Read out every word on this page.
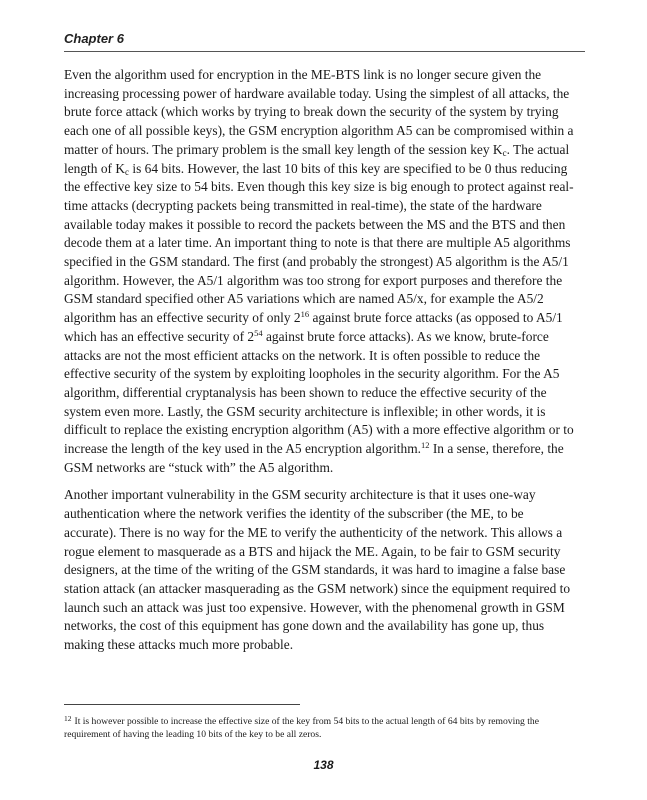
Chapter 6

Even the algorithm used for encryption in the ME-BTS link is no longer secure given the increasing processing power of hardware available today. Using the simplest of all attacks, the brute force attack (which works by trying to break down the security of the system by trying each one of all possible keys), the GSM encryption algorithm A5 can be compromised within a matter of hours. The primary problem is the small key length of the session key $K_c$. The actual length of $K_c$ is 64 bits. However, the last 10 bits of this key are specified to be 0 thus reducing the effective key size to 54 bits. Even though this key size is big enough to protect against real-time attacks (decrypting packets being transmitted in real-time), the state of the hardware available today makes it possible to record the packets between the MS and the BTS and then decode them at a later time. An important thing to note is that there are multiple A5 algorithms specified in the GSM standard. The first (and probably the strongest) A5 algorithm is the A5/1 algorithm. However, the A5/1 algorithm was too strong for export purposes and therefore the GSM standard specified other A5 variations which are named A5/x, for example the A5/2 algorithm has an effective security of only $2^{16}$ against brute force attacks (as opposed to A5/1 which has an effective security of $2^{54}$ against brute force attacks). As we know, brute-force attacks are not the most efficient attacks on the network. It is often possible to reduce the effective security of the system by exploiting loopholes in the security algorithm. For the A5 algorithm, differential cryptanalysis has been shown to reduce the effective security of the system even more. Lastly, the GSM security architecture is inflexible; in other words, it is difficult to replace the existing encryption algorithm (A5) with a more effective algorithm or to increase the length of the key used in the A5 encryption algorithm.$^{12}$ In a sense, therefore, the GSM networks are “stuck with” the A5 algorithm.

Another important vulnerability in the GSM security architecture is that it uses one-way authentication where the network verifies the identity of the subscriber (the ME, to be accurate). There is no way for the ME to verify the authenticity of the network. This allows a rogue element to masquerade as a BTS and hijack the ME. Again, to be fair to GSM security designers, at the time of the writing of the GSM standards, it was hard to imagine a false base station attack (an attacker masquerading as the GSM network) since the equipment required to launch such an attack was just too expensive. However, with the phenomenal growth in GSM networks, the cost of this equipment has gone down and the availability has gone up, thus making these attacks much more probable.

$^{12}$ It is however possible to increase the effective size of the key from 54 bits to the actual length of 64 bits by removing the requirement of having the leading 10 bits of the key to be all zeros.
138
